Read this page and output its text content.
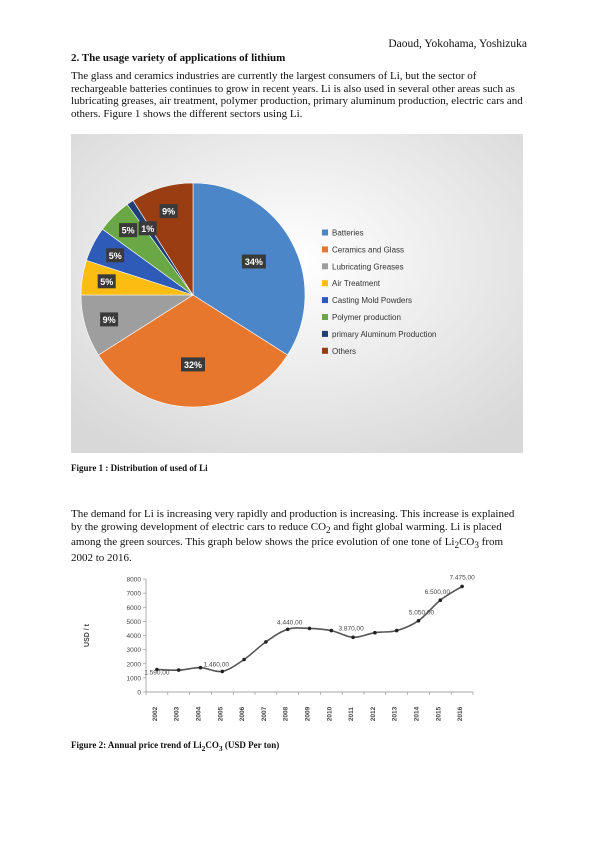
Daoud, Yokohama, Yoshizuka
2. The usage variety of applications of lithium

The glass and ceramics industries are currently the largest consumers of Li, but the sector of rechargeable batteries continues to grow in recent years. Li is also used in several other areas such as lubricating greases, air treatment, polymer production, primary aluminum production, electric cars and others. Figure 1 shows the different sectors using Li.

34%
32%
9%
5%
5%
5% 1%
9%
Batteries
Ceramics and Glass
Lubricating Greases
Air Treatment
Casting Mold Powders
Polymer production
primary Aluminum Production
Others
Figure 1 : Distribution of used of Li

The demand for Li is increasing very rapidly and production is increasing. This increase is explained by the growing development of electric cars to reduce $CO_2$ and fight global warming. Li is placed among the green sources. This graph below shows the price evolution of one tone of $Li_2CO_3$ from 2002 to 2016.

0
1000
2000
3000
4000
5000
6000
7000
8000
2002 2003 2004 2005 2006 2007 2008 2009 2010 2011 2012 2013 2014 2015 2016
USD / t
1.590,00
1.460,00
4.440,00
3.870,00
5.050,00
6.500,00
7.475,00
Figure 2: Annual price trend of $Li_2CO_3$ (USD Per ton)
